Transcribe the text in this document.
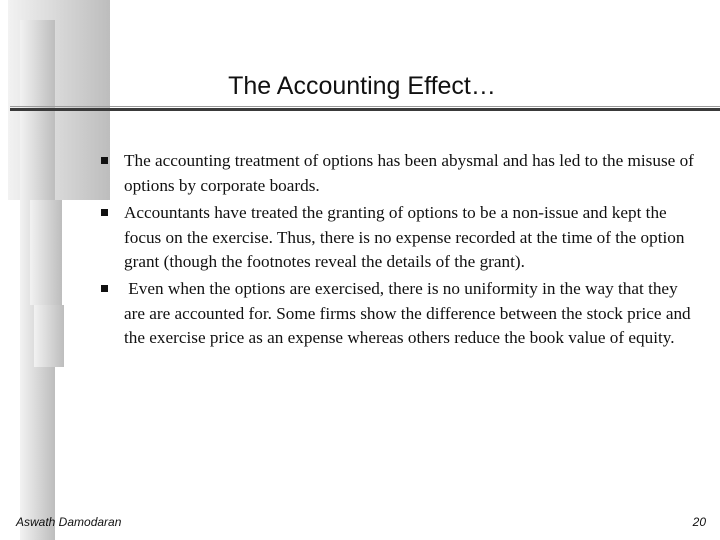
The Accounting Effect…
The accounting treatment of options has been abysmal and has led to the misuse of options by corporate boards.
Accountants have treated the granting of options to be a non-issue and kept the focus on the exercise. Thus, there is no expense recorded at the time of the option grant (though the footnotes reveal the details of the grant).
Even when the options are exercised, there is no uniformity in the way that they are are accounted for. Some firms show the difference between the stock price and the exercise price as an expense whereas others reduce the book value of equity.
Aswath Damodaran	20
